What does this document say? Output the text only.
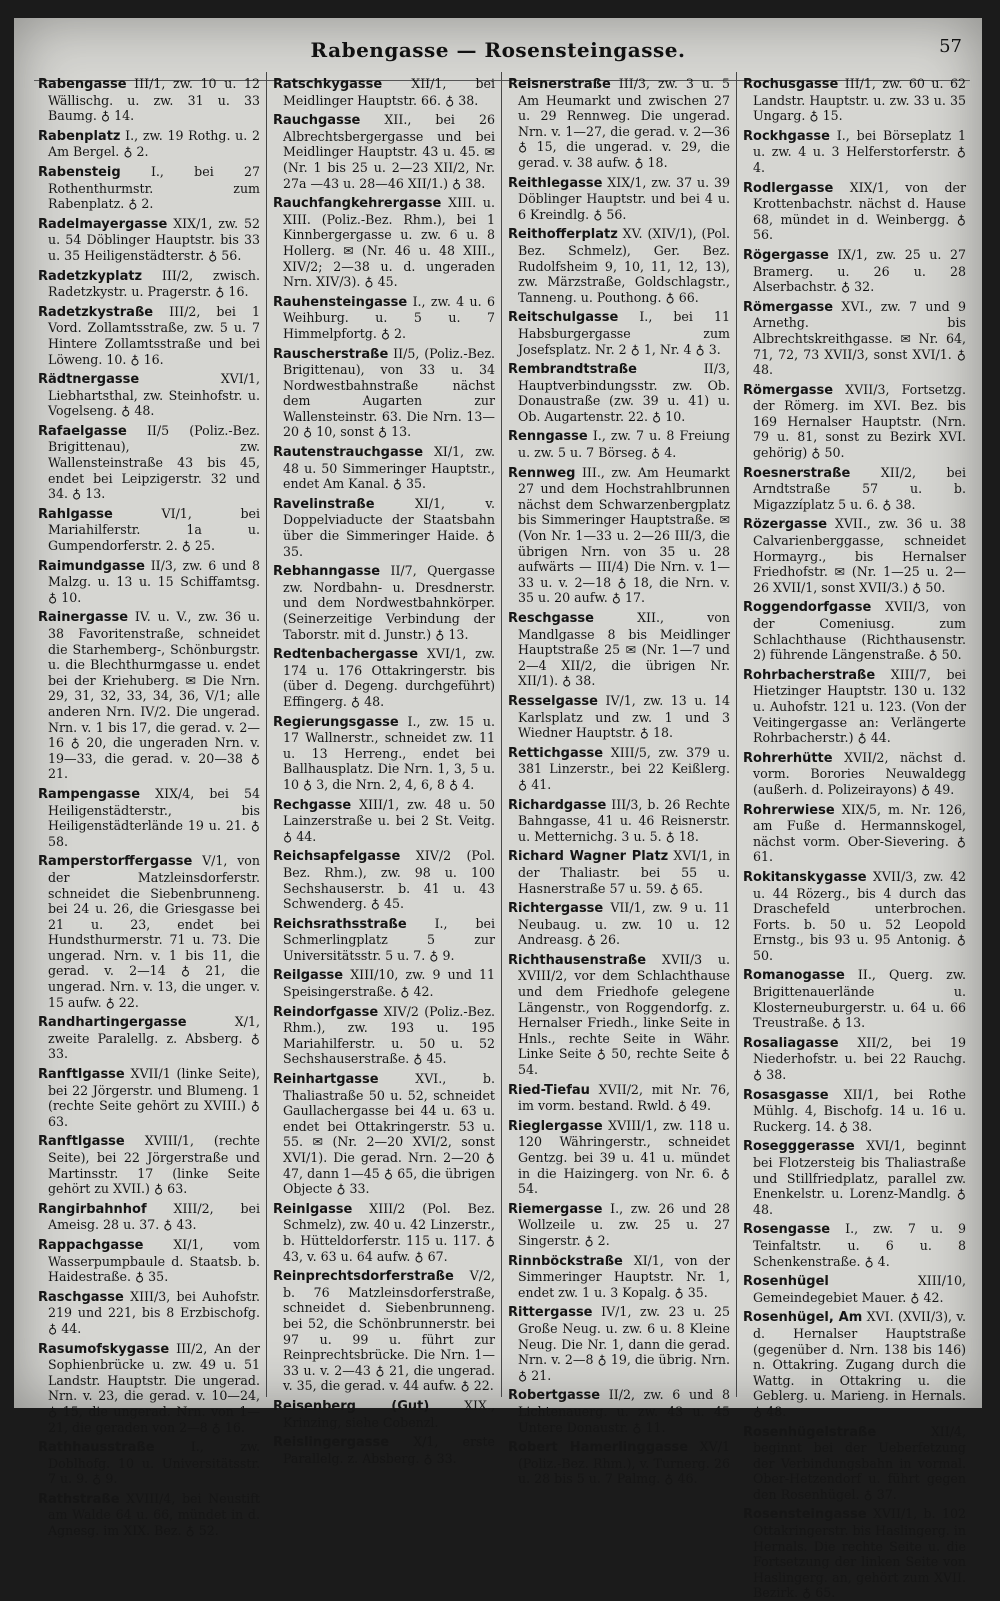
Rabengasse — Rosensteingasse.	57

Rabengasse III/1, zw. 10 u. 12 Wällischg. u. zw. 31 u. 33 Baumg. ♁ 14.

Rabenplatz I., zw. 19 Rothg. u. 2 Am Bergel. ♁ 2.

Rabensteig I., bei 27 Rothenthurmstr. zum Rabenplatz. ♁ 2.

Radelmayergasse XIX/1, zw. 52 u. 54 Döblinger Hauptstr. bis 33 u. 35 Heiligenstädterstr. ♁ 56.

Radetzkyplatz III/2, zwisch. Radetzkystr. u. Pragerstr. ♁ 16.

Radetzkystraße III/2, bei 1 Vord. Zollamtsstraße, zw. 5 u. 7 Hintere Zollamtsstraße und bei Löweng. 10. ♁ 16.

Rädtnergasse XVI/1, Liebhartsthal, zw. Steinhofstr. u. Vogelseng. ♁ 48.

Rafaelgasse II/5 (Poliz.-Bez. Brigittenau), zw. Wallensteinstraße 43 bis 45, endet bei Leipzigerstr. 32 und 34. ♁ 13.

Rahlgasse VI/1, bei Mariahilferstr. 1a u. Gumpendorferstr. 2. ♁ 25.

Raimundgasse II/3, zw. 6 und 8 Malzg. u. 13 u. 15 Schiffamtsg. ♁ 10.

Rainergasse IV. u. V., zw. 36 u. 38 Favoritenstraße, schneidet die Starhemberg-, Schönburgstr. u. die Blechthurmgasse u. endet bei der Kriehuberg. ✉ Die Nrn. 29, 31, 32, 33, 34, 36, V/1; alle anderen Nrn. IV/2. Die ungerad. Nrn. v. 1 bis 17, die gerad. v. 2—16 ♁ 20, die ungeraden Nrn. v. 19—33, die gerad. v. 20—38 ♁ 21.

Rampengasse XIX/4, bei 54 Heiligenstädterstr., bis Heiligenstädterlände 19 u. 21. ♁ 58.

Ramperstorffergasse V/1, von der Matzleinsdorferstr. schneidet die Siebenbrunneng. bei 24 u. 26, die Griesgasse bei 21 u. 23, endet bei Hundsthurmerstr. 71 u. 73. Die ungerad. Nrn. v. 1 bis 11, die gerad. v. 2—14 ♁ 21, die ungerad. Nrn. v. 13, die unger. v. 15 aufw. ♁ 22.

Randhartingergasse X/1, zweite Paralellg. z. Absberg. ♁ 33.

Ranftlgasse XVII/1 (linke Seite), bei 22 Jörgerstr. und Blumeng. 1 (rechte Seite gehört zu XVIII.) ♁ 63.

Ranftlgasse XVIII/1, (rechte Seite), bei 22 Jörgerstraße und Martinsstr. 17 (linke Seite gehört zu XVII.) ♁ 63.

Rangirbahnhof XIII/2, bei Ameisg. 28 u. 37. ♁ 43.

Rappachgasse XI/1, vom Wasserpumpbaule d. Staatsb. b. Haidestraße. ♁ 35.

Raschgasse XIII/3, bei Auhofstr. 219 und 221, bis 8 Erzbischofg. ♁ 44.

Rasumofskygasse III/2, An der Sophienbrücke u. zw. 49 u. 51 Landstr. Hauptstr. Die ungerad. Nrn. v. 23, die gerad. v. 10—24, ♁ 15, die ungerad. Nrn. von 1—21, die geraden von 2—8 ♁ 16.

Rathhausstraße I., zw. Doblhofg. 10 u. Universitätsstr. 7 u. 9. ♁ 9.

Rathstraße XVIII/4, bei Neustift am Walde 64 u. 66, mündet in d. Agnesg. im XIX. Bez. ♁ 52.

Ratschkygasse XII/1, bei Meidlinger Hauptstr. 66. ♁ 38.

Rauchgasse XII., bei 26 Albrechtsbergergasse und bei Meidlinger Hauptstr. 43 u. 45. ✉ (Nr. 1 bis 25 u. 2—23 XII/2, Nr. 27a —43 u. 28—46 XII/1.) ♁ 38.

Rauchfangkehrergasse XIII. u. XIII. (Poliz.-Bez. Rhm.), bei 1 Kinnbergergasse u. zw. 6 u. 8 Hollerg. ✉ (Nr. 46 u. 48 XIII., XIV/2; 2—38 u. d. ungeraden Nrn. XIV/3). ♁ 45.

Rauhensteingasse I., zw. 4 u. 6 Weihburg. u. 5 u. 7 Himmelpfortg. ♁ 2.

Rauscherstraße II/5, (Poliz.-Bez. Brigittenau), von 33 u. 34 Nordwestbahnstraße nächst dem Augarten zur Wallensteinstr. 63. Die Nrn. 13—20 ♁ 10, sonst ♁ 13.

Rautenstrauchgasse XI/1, zw. 48 u. 50 Simmeringer Hauptstr., endet Am Kanal. ♁ 35.

Ravelinstraße XI/1, v. Doppelviaducte der Staatsbahn über die Simmeringer Haide. ♁ 35.

Rebhanngasse II/7, Quergasse zw. Nordbahn- u. Dresdnerstr. und dem Nordwestbahnkörper. (Seinerzeitige Verbindung der Taborstr. mit d. Junstr.) ♁ 13.

Redtenbachergasse XVI/1, zw. 174 u. 176 Ottakringerstr. bis (über d. Degeng. durchgeführt) Effingerg. ♁ 48.

Regierungsgasse I., zw. 15 u. 17 Wallnerstr., schneidet zw. 11 u. 13 Herreng., endet bei Ballhausplatz. Die Nrn. 1, 3, 5 u. 10 ♁ 3, die Nrn. 2, 4, 6, 8 ♁ 4.

Rechgasse XIII/1, zw. 48 u. 50 Lainzerstraße u. bei 2 St. Veitg. ♁ 44.

Reichsapfelgasse XIV/2 (Pol. Bez. Rhm.), zw. 98 u. 100 Sechshauserstr. b. 41 u. 43 Schwenderg. ♁ 45.

Reichsrathsstraße I., bei Schmerlingplatz 5 zur Universitätsstr. 5 u. 7. ♁ 9.

Reilgasse XIII/10, zw. 9 und 11 Speisingerstraße. ♁ 42.

Reindorfgasse XIV/2 (Poliz.-Bez. Rhm.), zw. 193 u. 195 Mariahilferstr. u. 50 u. 52 Sechshauserstraße. ♁ 45.

Reinhartgasse XVI., b. Thaliastraße 50 u. 52, schneidet Gaullachergasse bei 44 u. 63 u. endet bei Ottakringerstr. 53 u. 55. ✉ (Nr. 2—20 XVI/2, sonst XVI/1). Die gerad. Nrn. 2—20 ♁ 47, dann 1—45 ♁ 65, die übrigen Objecte ♁ 33.

Reinlgasse XIII/2 (Pol. Bez. Schmelz), zw. 40 u. 42 Linzerstr., b. Hütteldorferstr. 115 u. 117. ♁ 43, v. 63 u. 64 aufw. ♁ 67.

Reinprechtsdorferstraße V/2, b. 76 Matzleinsdorferstraße, schneidet d. Siebenbrunneng. bei 52, die Schönbrunnerstr. bei 97 u. 99 u. führt zur Reinprechtsbrücke. Die Nrn. 1—33 u. v. 2—43 ♁ 21, die ungerad. v. 35, die gerad. v. 44 aufw. ♁ 22.

Reisenberg (Gut) XIX., Krinzing, siehe Cobenzl.

Reislingergasse X/1, erste Parallelg. z. Absberg. ♁ 33.

Reisnerstraße III/3, zw. 3 u. 5 Am Heumarkt und zwischen 27 u. 29 Rennweg. Die ungerad. Nrn. v. 1—27, die gerad. v. 2—36 ♁ 15, die ungerad. v. 29, die gerad. v. 38 aufw. ♁ 18.

Reithlegasse XIX/1, zw. 37 u. 39 Döblinger Hauptstr. und bei 4 u. 6 Kreindlg. ♁ 56.

Reithofferplatz XV. (XIV/1), (Pol. Bez. Schmelz), Ger. Bez. Rudolfsheim 9, 10, 11, 12, 13), zw. Märzstraße, Goldschlagstr., Tanneng. u. Pouthong. ♁ 66.

Reitschulgasse I., bei 11 Habsburgergasse zum Josefsplatz. Nr. 2 ♁ 1, Nr. 4 ♁ 3.

Rembrandtstraße II/3, Hauptverbindungsstr. zw. Ob. Donaustraße (zw. 39 u. 41) u. Ob. Augartenstr. 22. ♁ 10.

Renngasse I., zw. 7 u. 8 Freiung u. zw. 5 u. 7 Börseg. ♁ 4.

Rennweg III., zw. Am Heumarkt 27 und dem Hochstrahlbrunnen nächst dem Schwarzenbergplatz bis Simmeringer Hauptstraße. ✉ (Von Nr. 1—33 u. 2—26 III/3, die übrigen Nrn. von 35 u. 28 aufwärts — III/4) Die Nrn. v. 1—33 u. v. 2—18 ♁ 18, die Nrn. v. 35 u. 20 aufw. ♁ 17.

Reschgasse XII., von Mandlgasse 8 bis Meidlinger Hauptstraße 25 ✉ (Nr. 1—7 und 2—4 XII/2, die übrigen Nr. XII/1). ♁ 38.

Resselgasse IV/1, zw. 13 u. 14 Karlsplatz und zw. 1 und 3 Wiedner Hauptstr. ♁ 18.

Rettichgasse XIII/5, zw. 379 u. 381 Linzerstr., bei 22 Keißlerg. ♁ 41.

Richardgasse III/3, b. 26 Rechte Bahngasse, 41 u. 46 Reisnerstr. u. Metternichg. 3 u. 5. ♁ 18.

Richard Wagner Platz XVI/1, in der Thaliastr. bei 55 u. Hasnerstraße 57 u. 59. ♁ 65.

Richtergasse VII/1, zw. 9 u. 11 Neubaug. u. zw. 10 u. 12 Andreasg. ♁ 26.

Richthausenstraße XVII/3 u. XVIII/2, vor dem Schlachthause und dem Friedhofe gelegene Längenstr., von Roggendorfg. z. Hernalser Friedh., linke Seite in Hnls., rechte Seite in Währ. Linke Seite ♁ 50, rechte Seite ♁ 54.

Ried-Tiefau XVII/2, mit Nr. 76, im vorm. bestand. Rwld. ♁ 49.

Rieglergasse XVIII/1, zw. 118 u. 120 Währingerstr., schneidet Gentzg. bei 39 u. 41 u. mündet in die Haizingerg. von Nr. 6. ♁ 54.

Riemergasse I., zw. 26 und 28 Wollzeile u. zw. 25 u. 27 Singerstr. ♁ 2.

Rinnböckstraße XI/1, von der Simmeringer Hauptstr. Nr. 1, endet zw. 1 u. 3 Kopalg. ♁ 35.

Rittergasse IV/1, zw. 23 u. 25 Große Neug. u. zw. 6 u. 8 Kleine Neug. Die Nr. 1, dann die gerad. Nrn. v. 2—8 ♁ 19, die übrig. Nrn. ♁ 21.

Robertgasse II/2, zw. 6 und 8 Lichtenauerg. u. zw. 43 u. 45 Untere Donaustr. ♁ 11.

Robert Hamerlinggasse XV/1 (Poliz.-Bez. Rhm.), v. Turnerg. 26 u. 28 bis 5 u. 7 Palmg. ♁ 46.

Rochusgasse III/1, zw. 60 u. 62 Landstr. Hauptstr. u. zw. 33 u. 35 Ungarg. ♁ 15.

Rockhgasse I., bei Börseplatz 1 u. zw. 4 u. 3 Helferstorferstr. ♁ 4.

Rodlergasse XIX/1, von der Krottenbachstr. nächst d. Hause 68, mündet in d. Weinbergg. ♁ 56.

Rögergasse IX/1, zw. 25 u. 27 Bramerg. u. 26 u. 28 Alserbachstr. ♁ 32.

Römergasse XVI., zw. 7 und 9 Arnethg. bis Albrechtskreithgasse. ✉ Nr. 64, 71, 72, 73 XVII/3, sonst XVI/1. ♁ 48.

Römergasse XVII/3, Fortsetzg. der Römerg. im XVI. Bez. bis 169 Hernalser Hauptstr. (Nrn. 79 u. 81, sonst zu Bezirk XVI. gehörig) ♁ 50.

Roesnerstraße XII/2, bei Arndtstraße 57 u. b. Migazzíplatz 5 u. 6. ♁ 38.

Rözergasse XVII., zw. 36 u. 38 Calvarienberggasse, schneidet Hormayrg., bis Hernalser Friedhofstr. ✉ (Nr. 1—25 u. 2—26 XVII/1, sonst XVII/3.) ♁ 50.

Roggendorfgasse XVII/3, von der Comeniusg. zum Schlachthause (Richthausenstr. 2) führende Längenstraße. ♁ 50.

Rohrbacherstraße XIII/7, bei Hietzinger Hauptstr. 130 u. 132 u. Auhofstr. 121 u. 123. (Von der Veitingergasse an: Verlängerte Rohrbacherstr.) ♁ 44.

Rohrerhütte XVII/2, nächst d. vorm. Borories Neuwaldegg (außerh. d. Polizeirayons) ♁ 49.

Rohrerwiese XIX/5, m. Nr. 126, am Fuße d. Hermannskogel, nächst vorm. Ober-Sievering. ♁ 61.

Rokitanskygasse XVII/3, zw. 42 u. 44 Rözerg., bis 4 durch das Draschefeld unterbrochen. Forts. b. 50 u. 52 Leopold Ernstg., bis 93 u. 95 Antonig. ♁ 50.

Romanogasse II., Querg. zw. Brigittenauerlände u. Klosterneuburgerstr. u. 64 u. 66 Treustraße. ♁ 13.

Rosaliagasse XII/2, bei 19 Niederhofstr. u. bei 22 Rauchg. ♁ 38.

Rosasgasse XII/1, bei Rothe Mühlg. 4, Bischofg. 14 u. 16 u. Ruckerg. 14. ♁ 38.

Rosegggerasse XVI/1, beginnt bei Flotzersteig bis Thaliastraße und Stillfriedplatz, parallel zw. Enenkelstr. u. Lorenz-Mandlg. ♁ 48.

Rosengasse I., zw. 7 u. 9 Teinfaltstr. u. 6 u. 8 Schenkenstraße. ♁ 4.

Rosenhügel XIII/10, Gemeindegebiet Mauer. ♁ 42.

Rosenhügel, Am XVI. (XVII/3), v. d. Hernalser Hauptstraße (gegenüber d. Nrn. 138 bis 146) n. Ottakring. Zugang durch die Wattg. in Ottakring u. die Geblerg. u. Marieng. in Hernals. ♁ 48.

Rosenhügelstraße XII/4, beginnt bei der Ueberfetzung der Verbindungsbahn in vormal. Ober-Hetzendorf u. führt gegen den Rosenhügel. ♁ 37.

Rosensteingasse XVII/1, b. 102 Ottakringerstr. bis Haslingerg. in Hernals. Die rechte Seite u. die Fortsetzung der linken Seite von Haslingerg. an, gehört zum XVII. Bezirk. ♁ 65.
